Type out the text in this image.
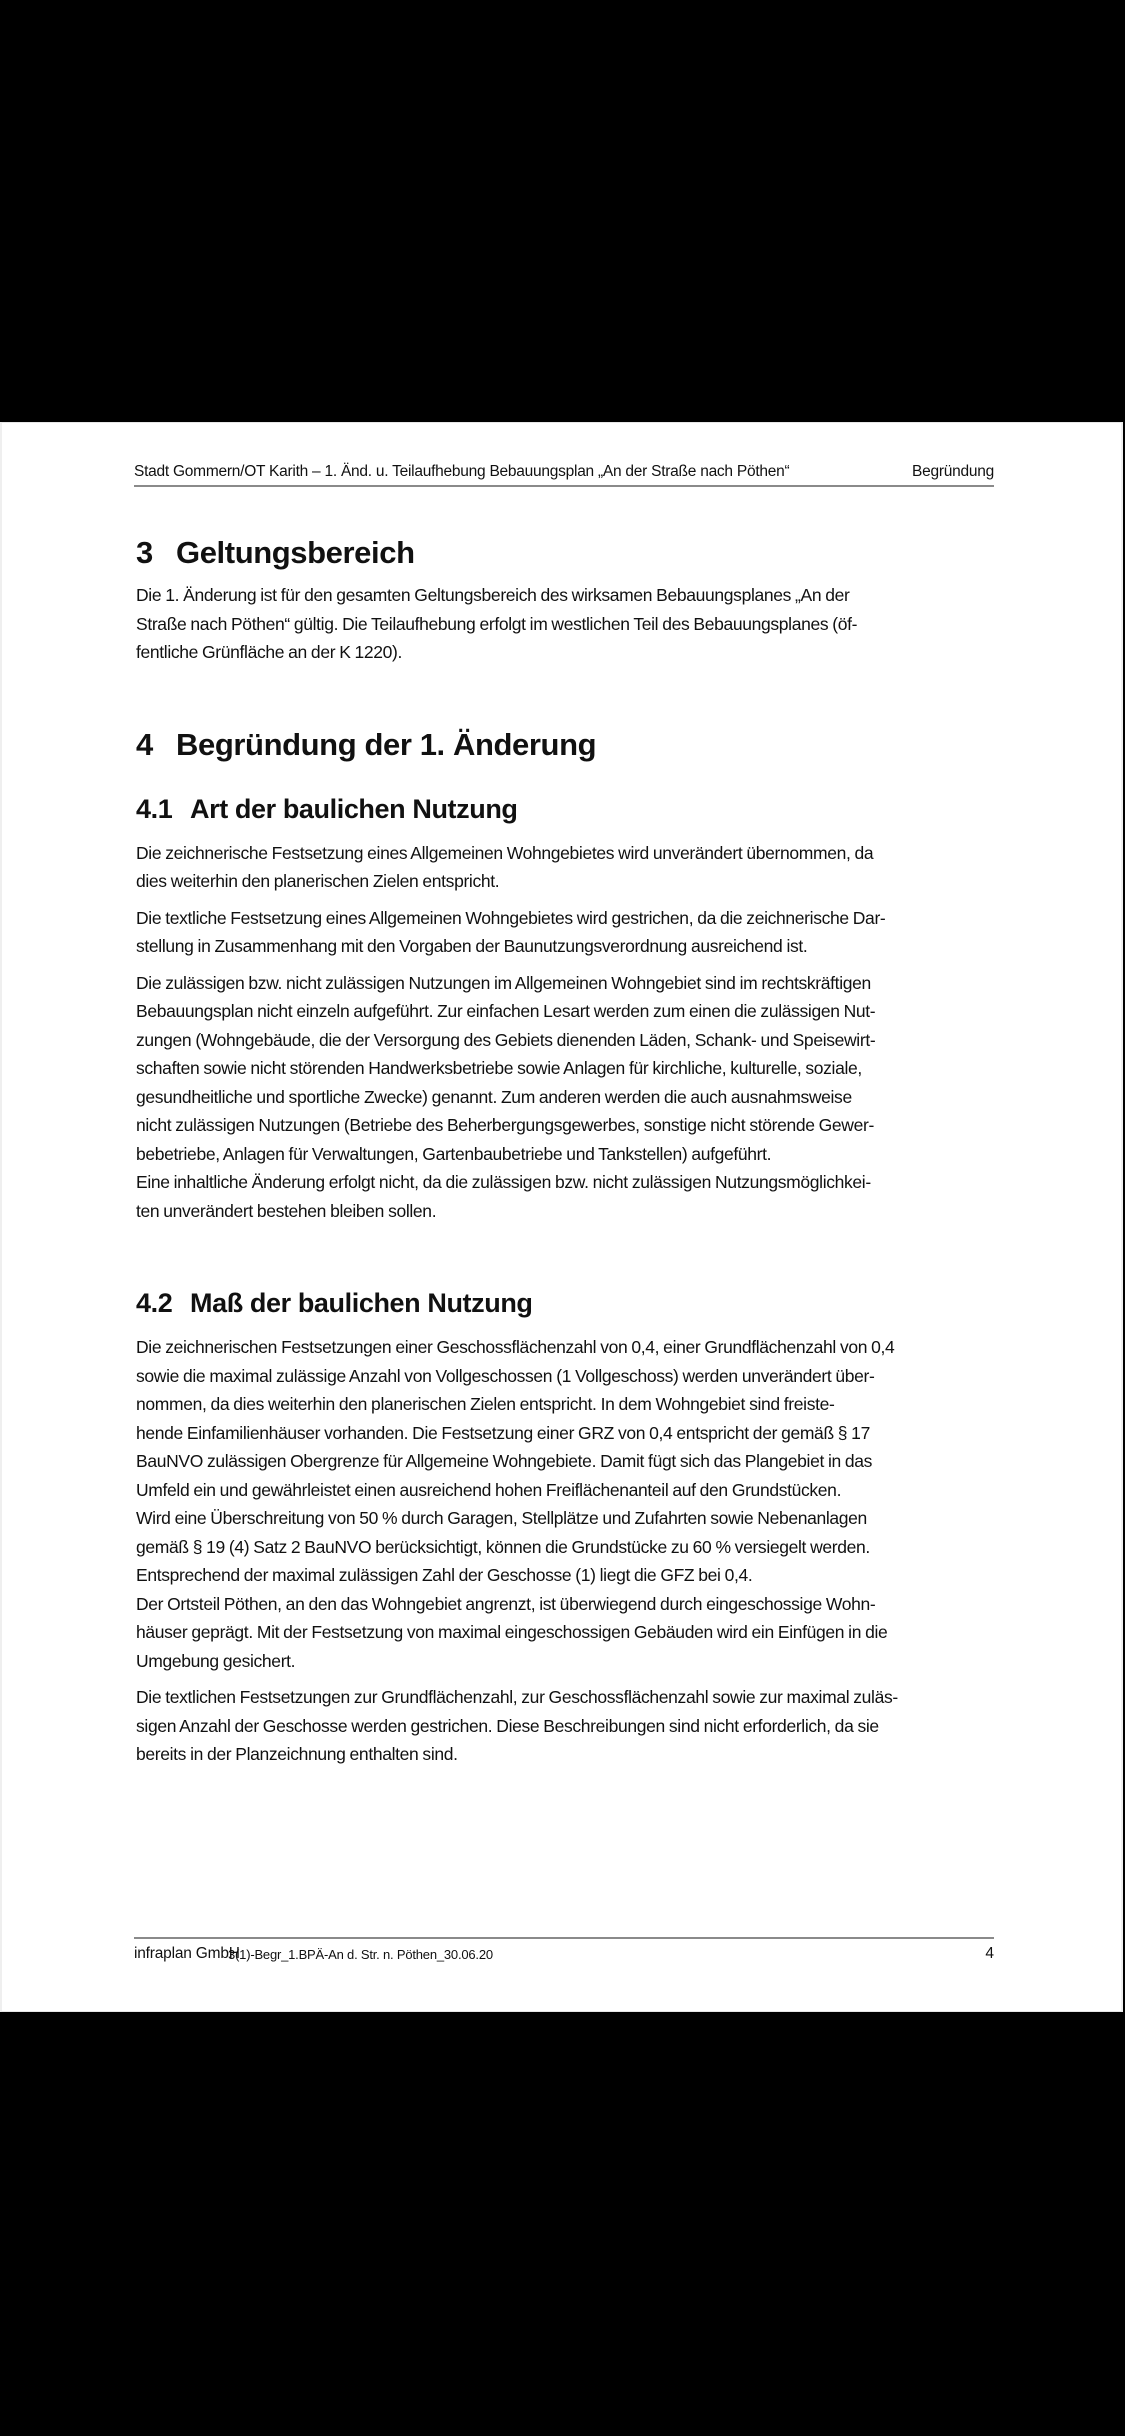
Stadt Gommern/OT Karith – 1. Änd. u. Teilaufhebung Bebauungsplan „An der Straße nach Pöthen“	Begründung
3 Geltungsbereich

Die 1. Änderung ist für den gesamten Geltungsbereich des wirksamen Bebauungsplanes „An der
Straße nach Pöthen“ gültig. Die Teilaufhebung erfolgt im westlichen Teil des Bebauungsplanes (öf-
fentliche Grünfläche an der K 1220).

4 Begründung der 1. Änderung
4.1 Art der baulichen Nutzung

Die zeichnerische Festsetzung eines Allgemeinen Wohngebietes wird unverändert übernommen, da
dies weiterhin den planerischen Zielen entspricht.

Die textliche Festsetzung eines Allgemeinen Wohngebietes wird gestrichen, da die zeichnerische Dar-
stellung in Zusammenhang mit den Vorgaben der Baunutzungsverordnung ausreichend ist.

Die zulässigen bzw. nicht zulässigen Nutzungen im Allgemeinen Wohngebiet sind im rechtskräftigen
Bebauungsplan nicht einzeln aufgeführt. Zur einfachen Lesart werden zum einen die zulässigen Nut-
zungen (Wohngebäude, die der Versorgung des Gebiets dienenden Läden, Schank- und Speisewirt-
schaften sowie nicht störenden Handwerksbetriebe sowie Anlagen für kirchliche, kulturelle, soziale,
gesundheitliche und sportliche Zwecke) genannt. Zum anderen werden die auch ausnahmsweise
nicht zulässigen Nutzungen (Betriebe des Beherbergungsgewerbes, sonstige nicht störende Gewer-
bebetriebe, Anlagen für Verwaltungen, Gartenbaubetriebe und Tankstellen) aufgeführt.
Eine inhaltliche Änderung erfolgt nicht, da die zulässigen bzw. nicht zulässigen Nutzungsmöglichkei-
ten unverändert bestehen bleiben sollen.

4.2 Maß der baulichen Nutzung

Die zeichnerischen Festsetzungen einer Geschossflächenzahl von 0,4, einer Grundflächenzahl von 0,4
sowie die maximal zulässige Anzahl von Vollgeschossen (1 Vollgeschoss) werden unverändert über-
nommen, da dies weiterhin den planerischen Zielen entspricht. In dem Wohngebiet sind freiste-
hende Einfamilienhäuser vorhanden. Die Festsetzung einer GRZ von 0,4 entspricht der gemäß § 17
BauNVO zulässigen Obergrenze für Allgemeine Wohngebiete. Damit fügt sich das Plangebiet in das
Umfeld ein und gewährleistet einen ausreichend hohen Freiflächenanteil auf den Grundstücken.
Wird eine Überschreitung von 50 % durch Garagen, Stellplätze und Zufahrten sowie Nebenanlagen
gemäß § 19 (4) Satz 2 BauNVO berücksichtigt, können die Grundstücke zu 60 % versiegelt werden.
Entsprechend der maximal zulässigen Zahl der Geschosse (1) liegt die GFZ bei 0,4.
Der Ortsteil Pöthen, an den das Wohngebiet angrenzt, ist überwiegend durch eingeschossige Wohn-
häuser geprägt. Mit der Festsetzung von maximal eingeschossigen Gebäuden wird ein Einfügen in die
Umgebung gesichert.

Die textlichen Festsetzungen zur Grundflächenzahl, zur Geschossflächenzahl sowie zur maximal zuläs-
sigen Anzahl der Geschosse werden gestrichen. Diese Beschreibungen sind nicht erforderlich, da sie
bereits in der Planzeichnung enthalten sind.

infraplan GmbH
3(1)-Begr_1.BPÄ-An d. Str. n. Pöthen_30.06.20	4
